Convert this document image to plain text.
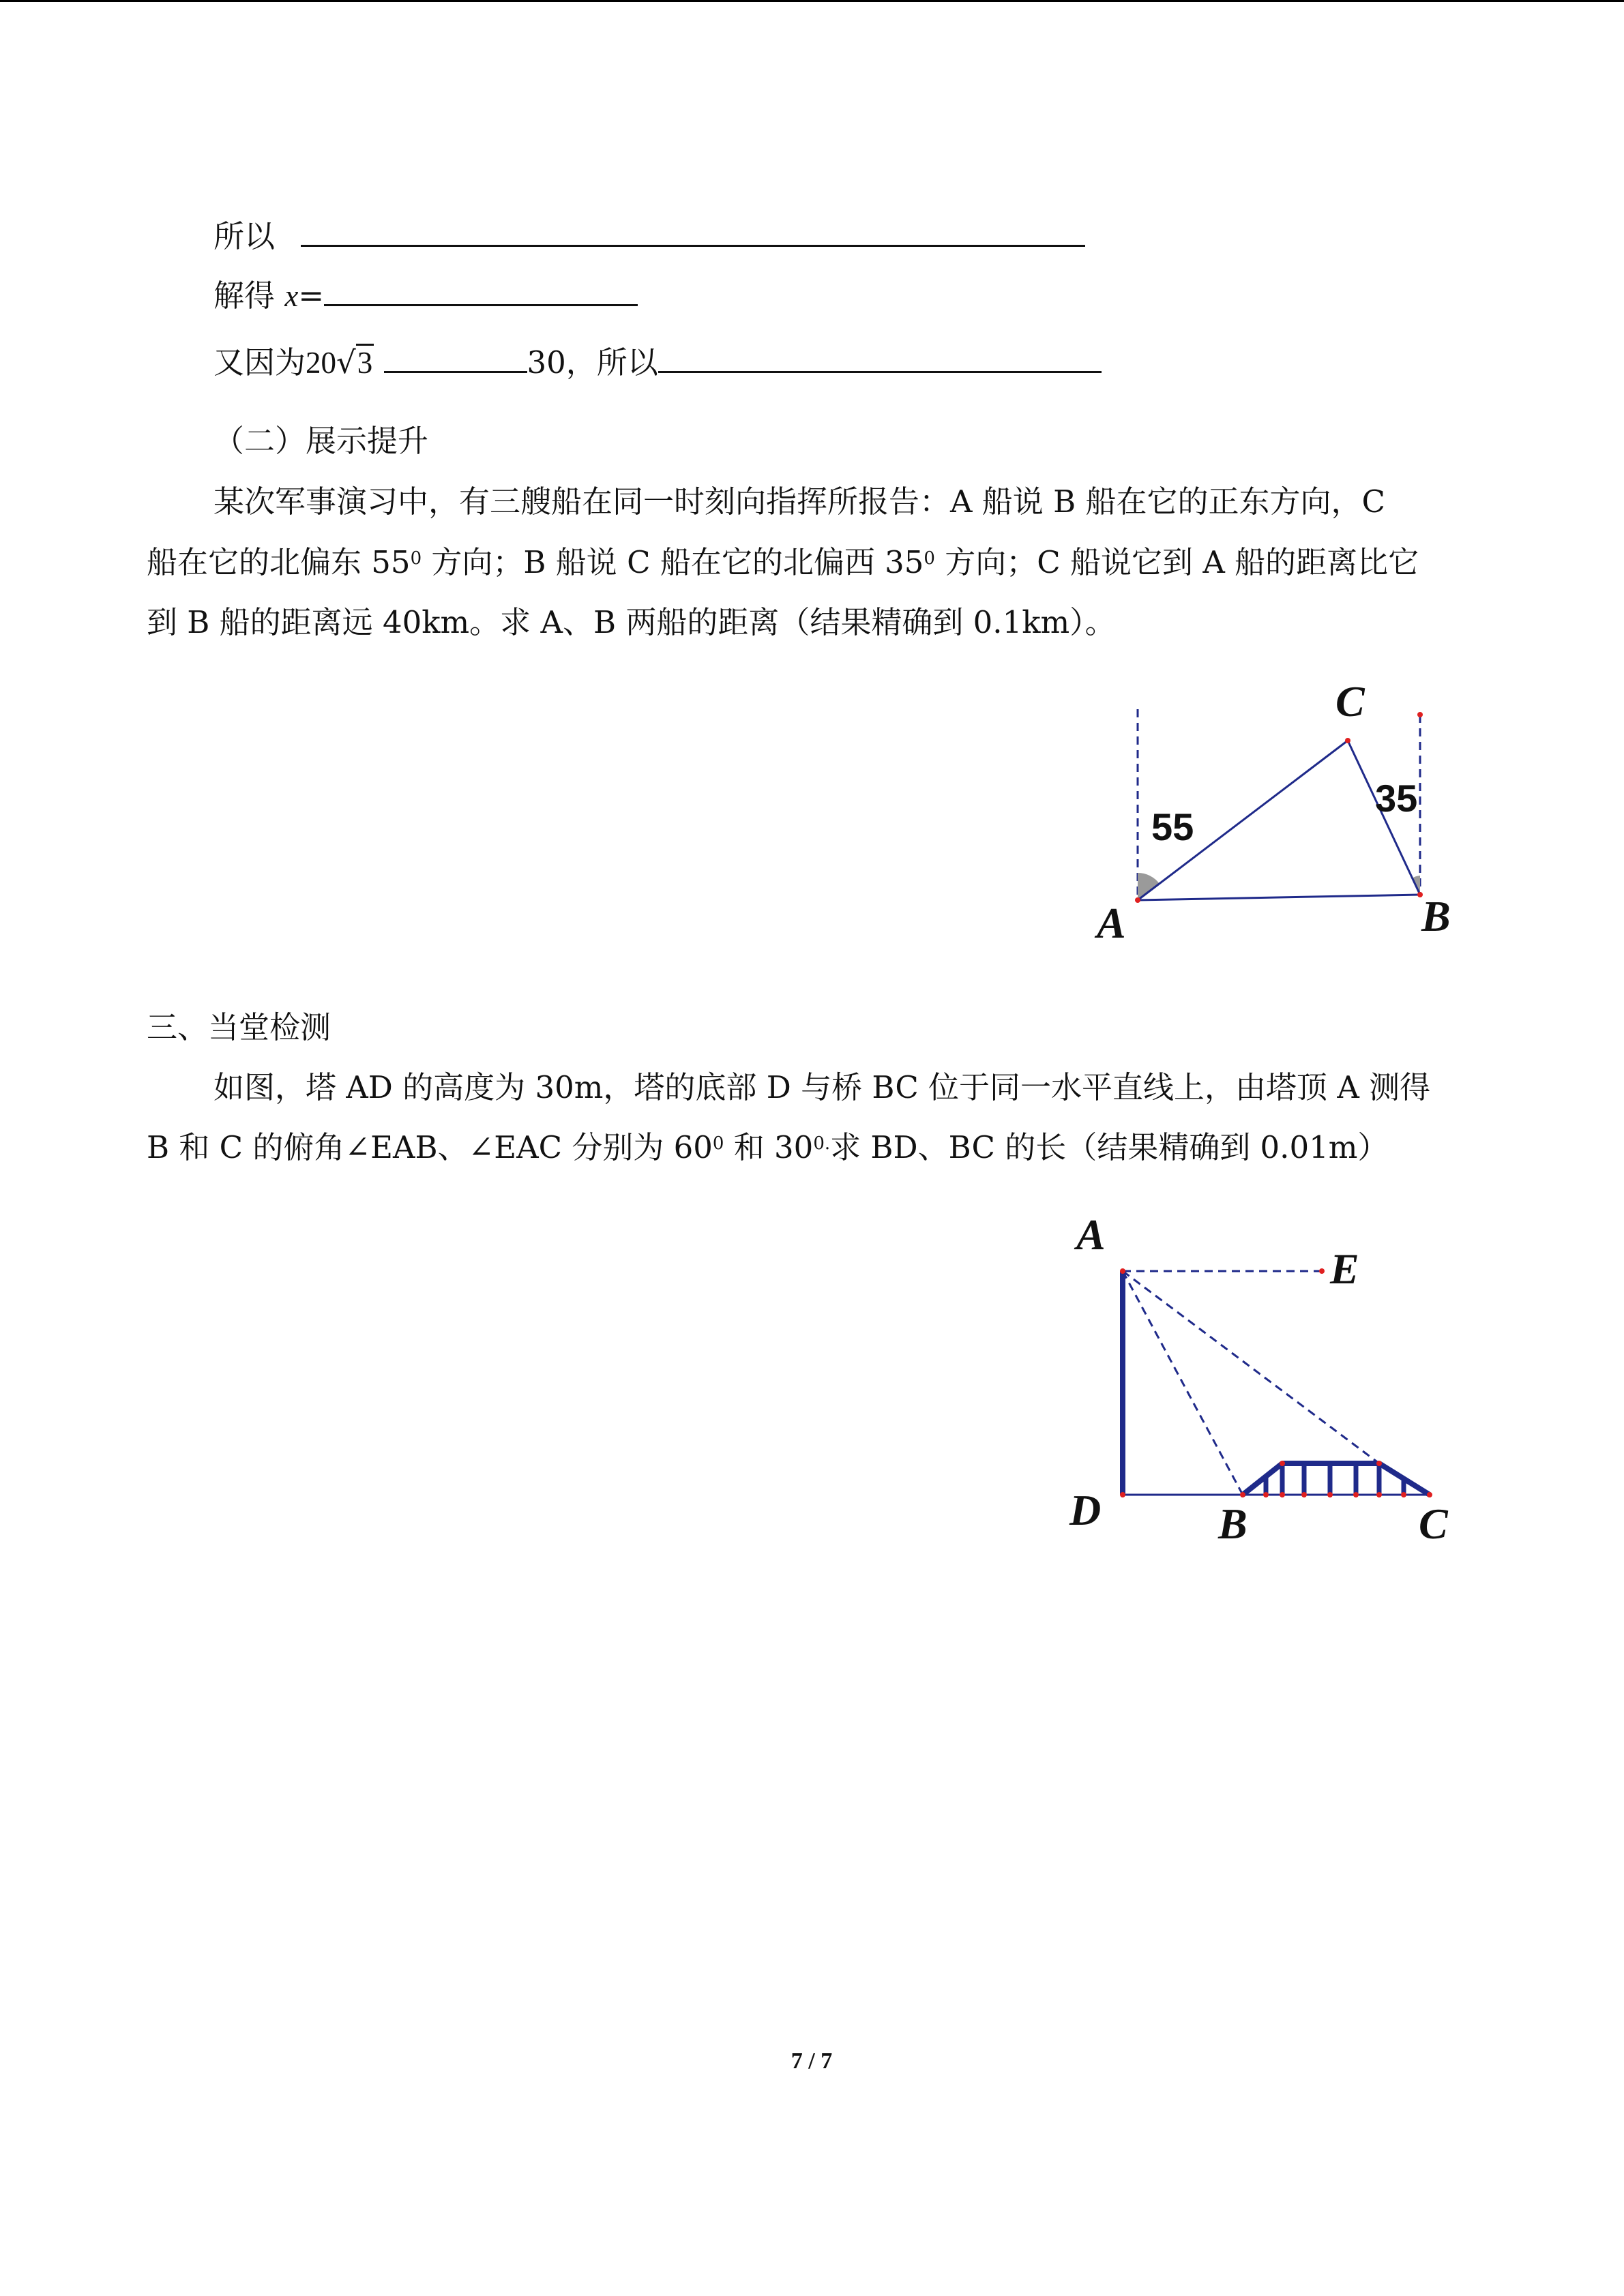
所以
解得 x=
又因为20√3	30，所以
（二）展示提升
某次军事演习中，有三艘船在同一时刻向指挥所报告：A 船说 B 船在它的正东方向，C
船在它的北偏东 $55^0$ 方向；B 船说 C 船在它的北偏西 $35^0$ 方向；C 船说它到 A 船的距离比它
到 B 船的距离远 40km。求 A、B 两船的距离（结果精确到 0.1km）。
A	B
C
55
35
三、当堂检测
如图，塔 AD 的高度为 30m，塔的底部 D 与桥 BC 位于同一水平直线上，由塔顶 A 测得
B 和 C 的俯角∠EAB、∠EAC 分别为 $60^0$ 和 $30^{0.}$求 BD、BC 的长（结果精确到 0.01m）
A
E
D	B	C
7 / 7
